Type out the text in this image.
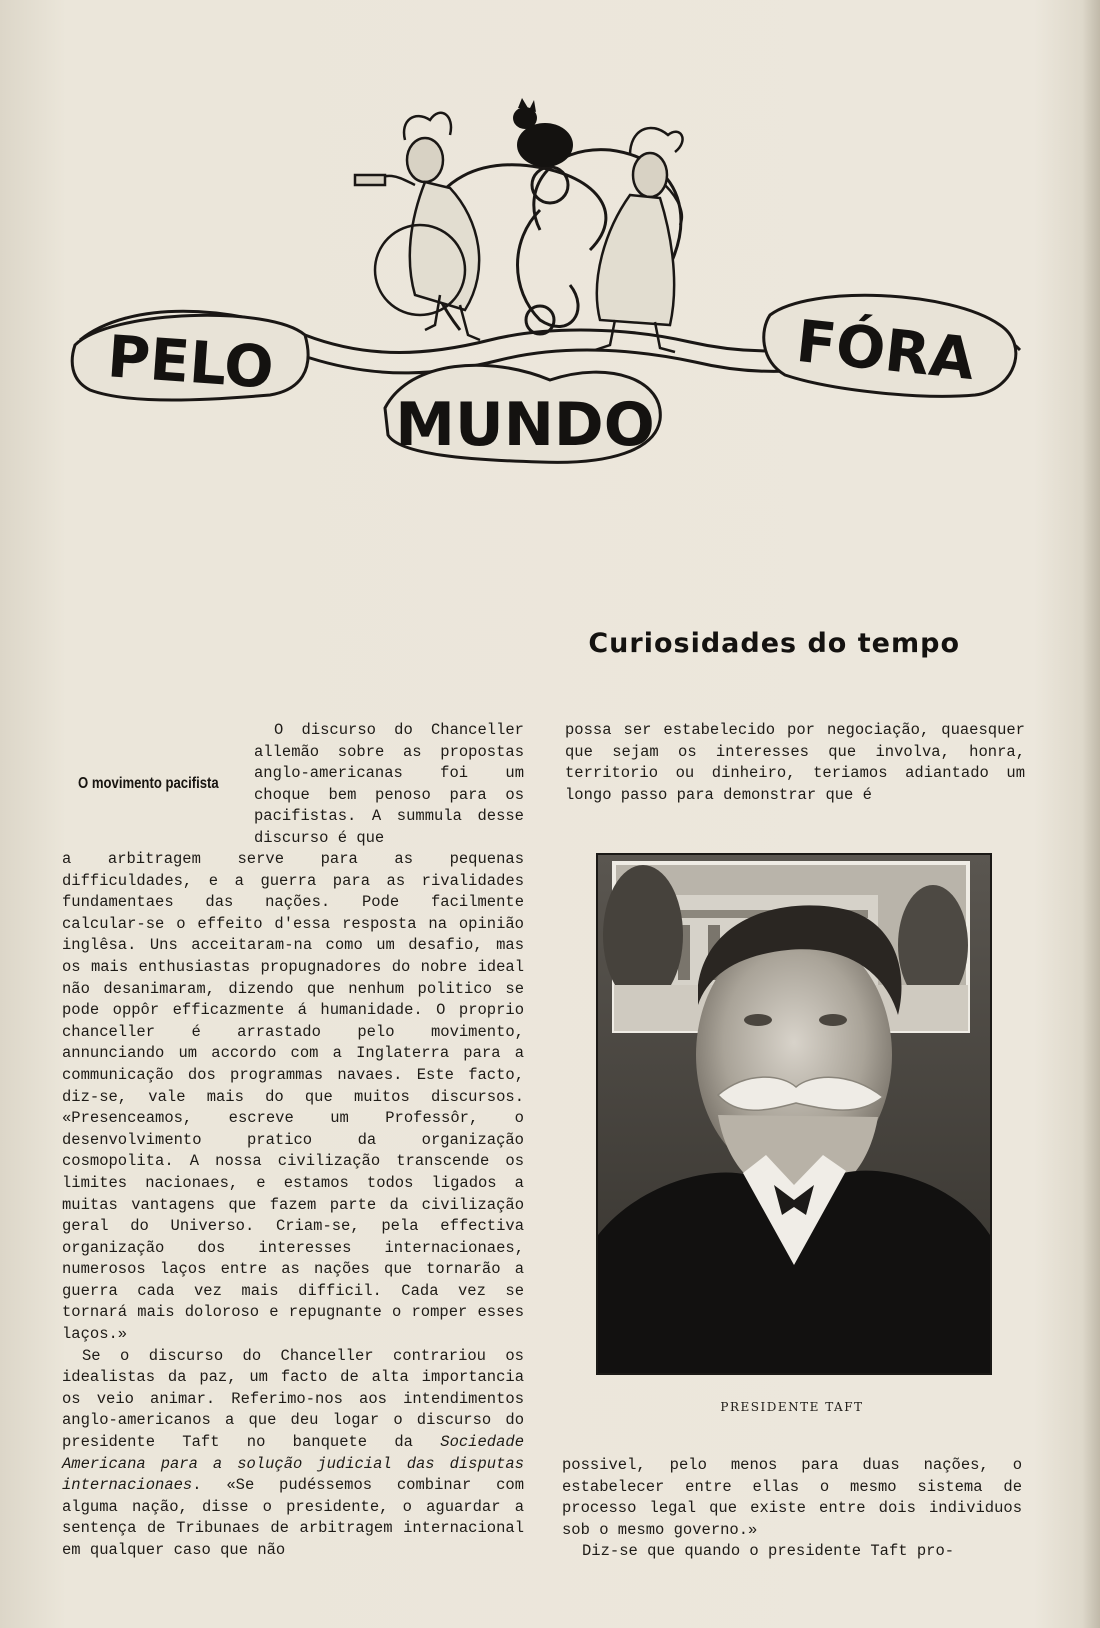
PELO
MUNDO
FÓRA
Curiosidades do tempo
O movimento pacifista

O discurso do Chanceller allemão sobre as propostas anglo-americanas foi um choque bem penoso para os pacifistas. A summula desse discurso é que

a arbitragem serve para as pequenas difficuldades, e a guerra para as rivalidades fundamentaes das nações. Pode facilmente calcular-se o effeito d'essa resposta na opinião inglêsa. Uns acceitaram-na como um desafio, mas os mais enthusiastas propugnadores do nobre ideal não desanimaram, dizendo que nenhum politico se pode oppôr efficazmente á humanidade. O proprio chanceller é arrastado pelo movimento, annunciando um accordo com a Inglaterra para a communicação dos programmas navaes. Este facto, diz-se, vale mais do que muitos discursos. «Presenceamos, escreve um Professôr, o desenvolvimento pratico da organização cosmopolita. A nossa civilização transcende os limites nacionaes, e estamos todos ligados a muitas vantagens que fazem parte da civilização geral do Universo. Criam-se, pela effectiva organização dos interesses internacionaes, numerosos laços entre as nações que tornarão a guerra cada vez mais difficil. Cada vez se tornará mais doloroso e repugnante o romper esses laços.»

Se o discurso do Chanceller contrariou os idealistas da paz, um facto de alta importancia os veio animar. Referimo-nos aos intendimentos anglo-americanos a que deu logar o discurso do presidente Taft no banquete da Sociedade Americana para a solução judicial das disputas internacionaes. «Se pudéssemos combinar com alguma nação, disse o presidente, o aguardar a sentença de Tribunaes de arbitragem internacional em qualquer caso que não

possa ser estabelecido por negociação, quaesquer que sejam os interesses que involva, honra, territorio ou dinheiro, teriamos adiantado um longo passo para demonstrar que é

PRESIDENTE TAFT

possivel, pelo menos para duas nações, o estabelecer entre ellas o mesmo sistema de processo legal que existe entre dois individuos sob o mesmo governo.»

Diz-se que quando o presidente Taft pro-
